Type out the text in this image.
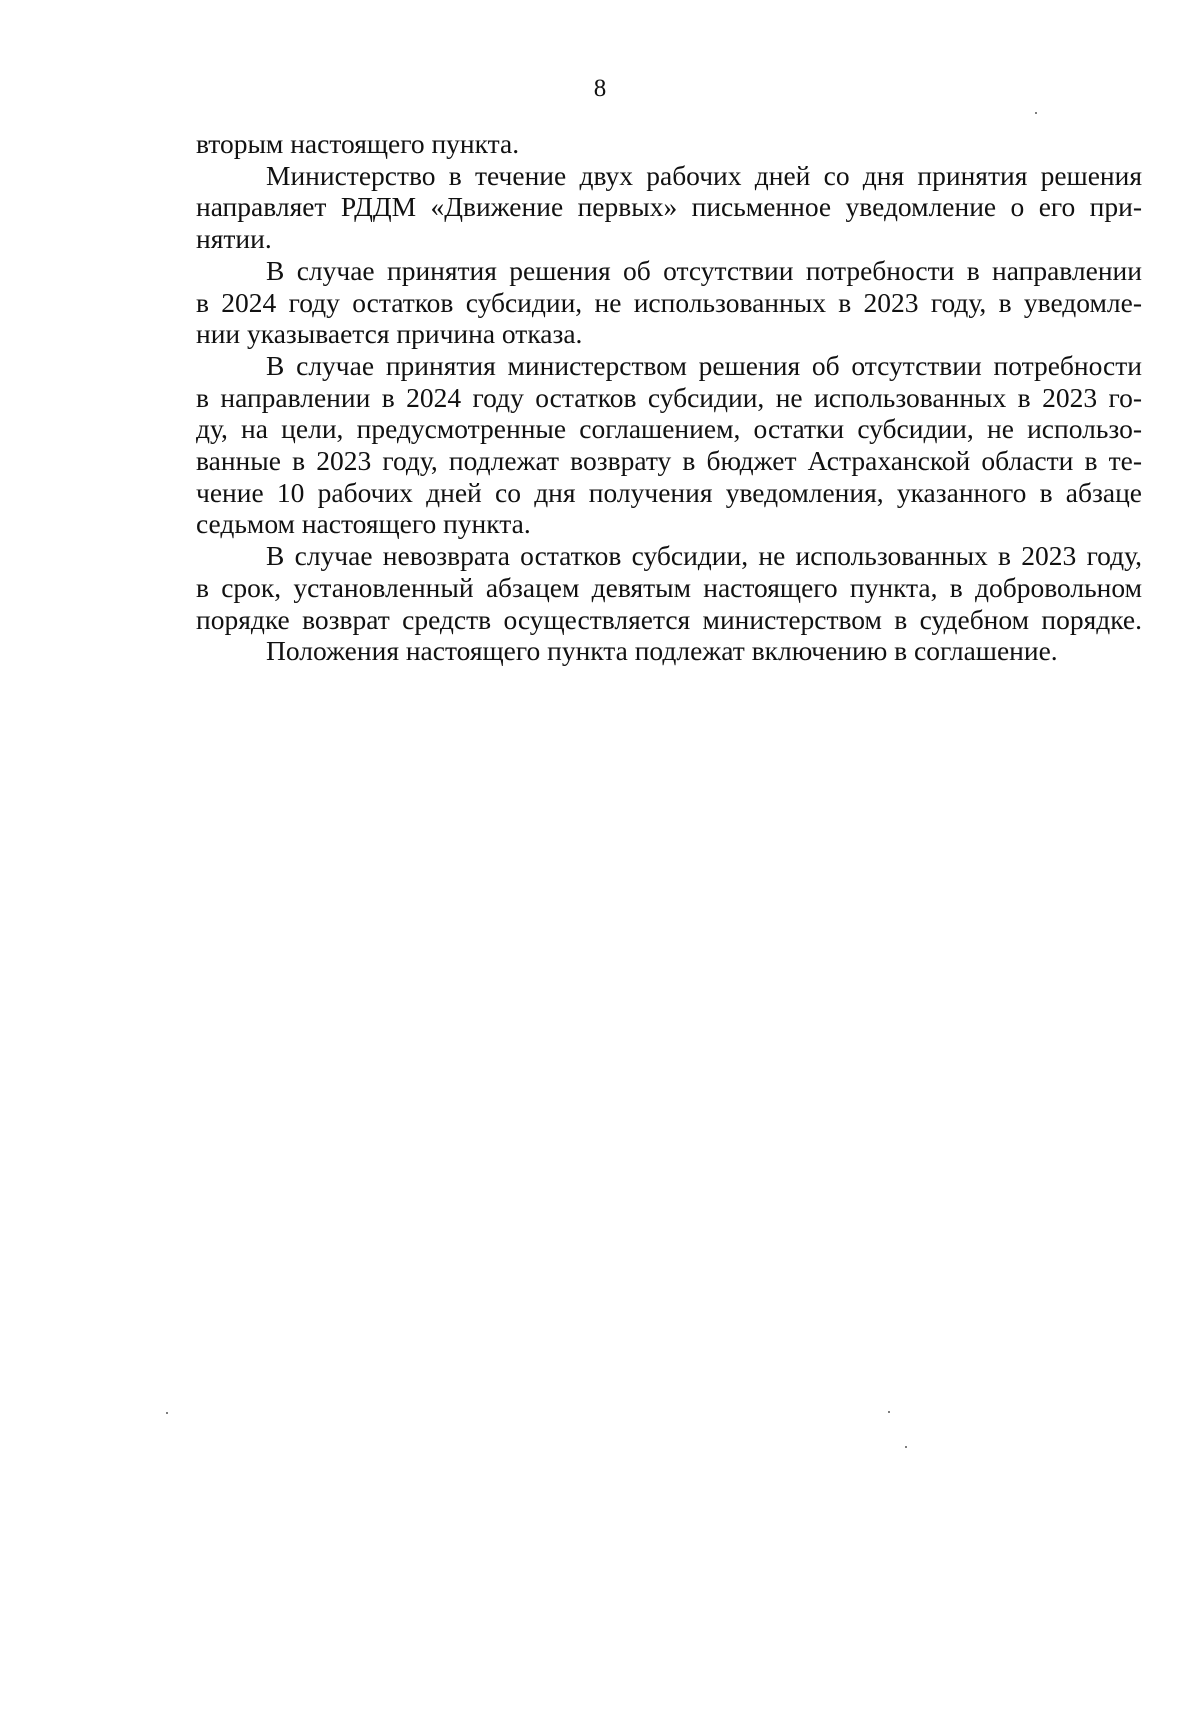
8
вторым настоящего пункта.
Министерство в течение двух рабочих дней со дня принятия решения
направляет РДДМ «Движение первых» письменное уведомление о его при-
нятии.
В случае принятия решения об отсутствии потребности в направлении
в 2024 году остатков субсидии, не использованных в 2023 году, в уведомле-
нии указывается причина отказа.
В случае принятия министерством решения об отсутствии потребности
в направлении в 2024 году остатков субсидии, не использованных в 2023 го-
ду, на цели, предусмотренные соглашением, остатки субсидии, не использо-
ванные в 2023 году, подлежат возврату в бюджет Астраханской области в те-
чение 10 рабочих дней со дня получения уведомления, указанного в абзаце
седьмом настоящего пункта.
В случае невозврата остатков субсидии, не использованных в 2023 году,
в срок, установленный абзацем девятым настоящего пункта, в добровольном
порядке возврат средств осуществляется министерством в судебном порядке.
Положения настоящего пункта подлежат включению в соглашение.
